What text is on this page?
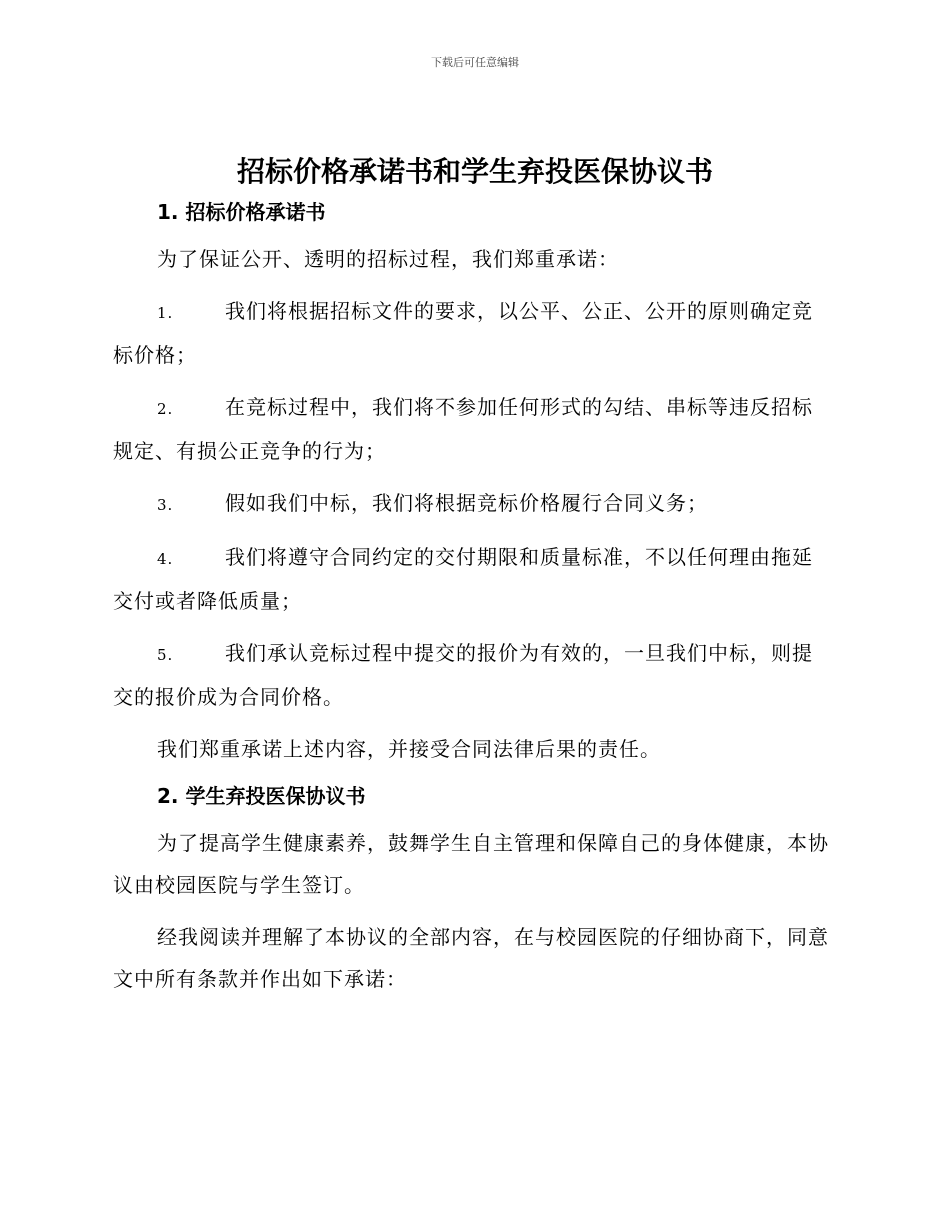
下载后可任意编辑
招标价格承诺书和学生弃投医保协议书
1. 招标价格承诺书

为了保证公开、透明的招标过程，我们郑重承诺：

1.	我们将根据招标文件的要求，以公平、公正、公开的原则确定竞标价格；
2.	在竞标过程中，我们将不参加任何形式的勾结、串标等违反招标规定、有损公正竞争的行为；
3.	假如我们中标，我们将根据竞标价格履行合同义务；
4.	我们将遵守合同约定的交付期限和质量标准，不以任何理由拖延交付或者降低质量；
5.	我们承认竞标过程中提交的报价为有效的，一旦我们中标，则提交的报价成为合同价格。

我们郑重承诺上述内容，并接受合同法律后果的责任。

2. 学生弃投医保协议书

为了提高学生健康素养，鼓舞学生自主管理和保障自己的身体健康，本协议由校园医院与学生签订。

经我阅读并理解了本协议的全部内容，在与校园医院的仔细协商下，同意文中所有条款并作出如下承诺：
